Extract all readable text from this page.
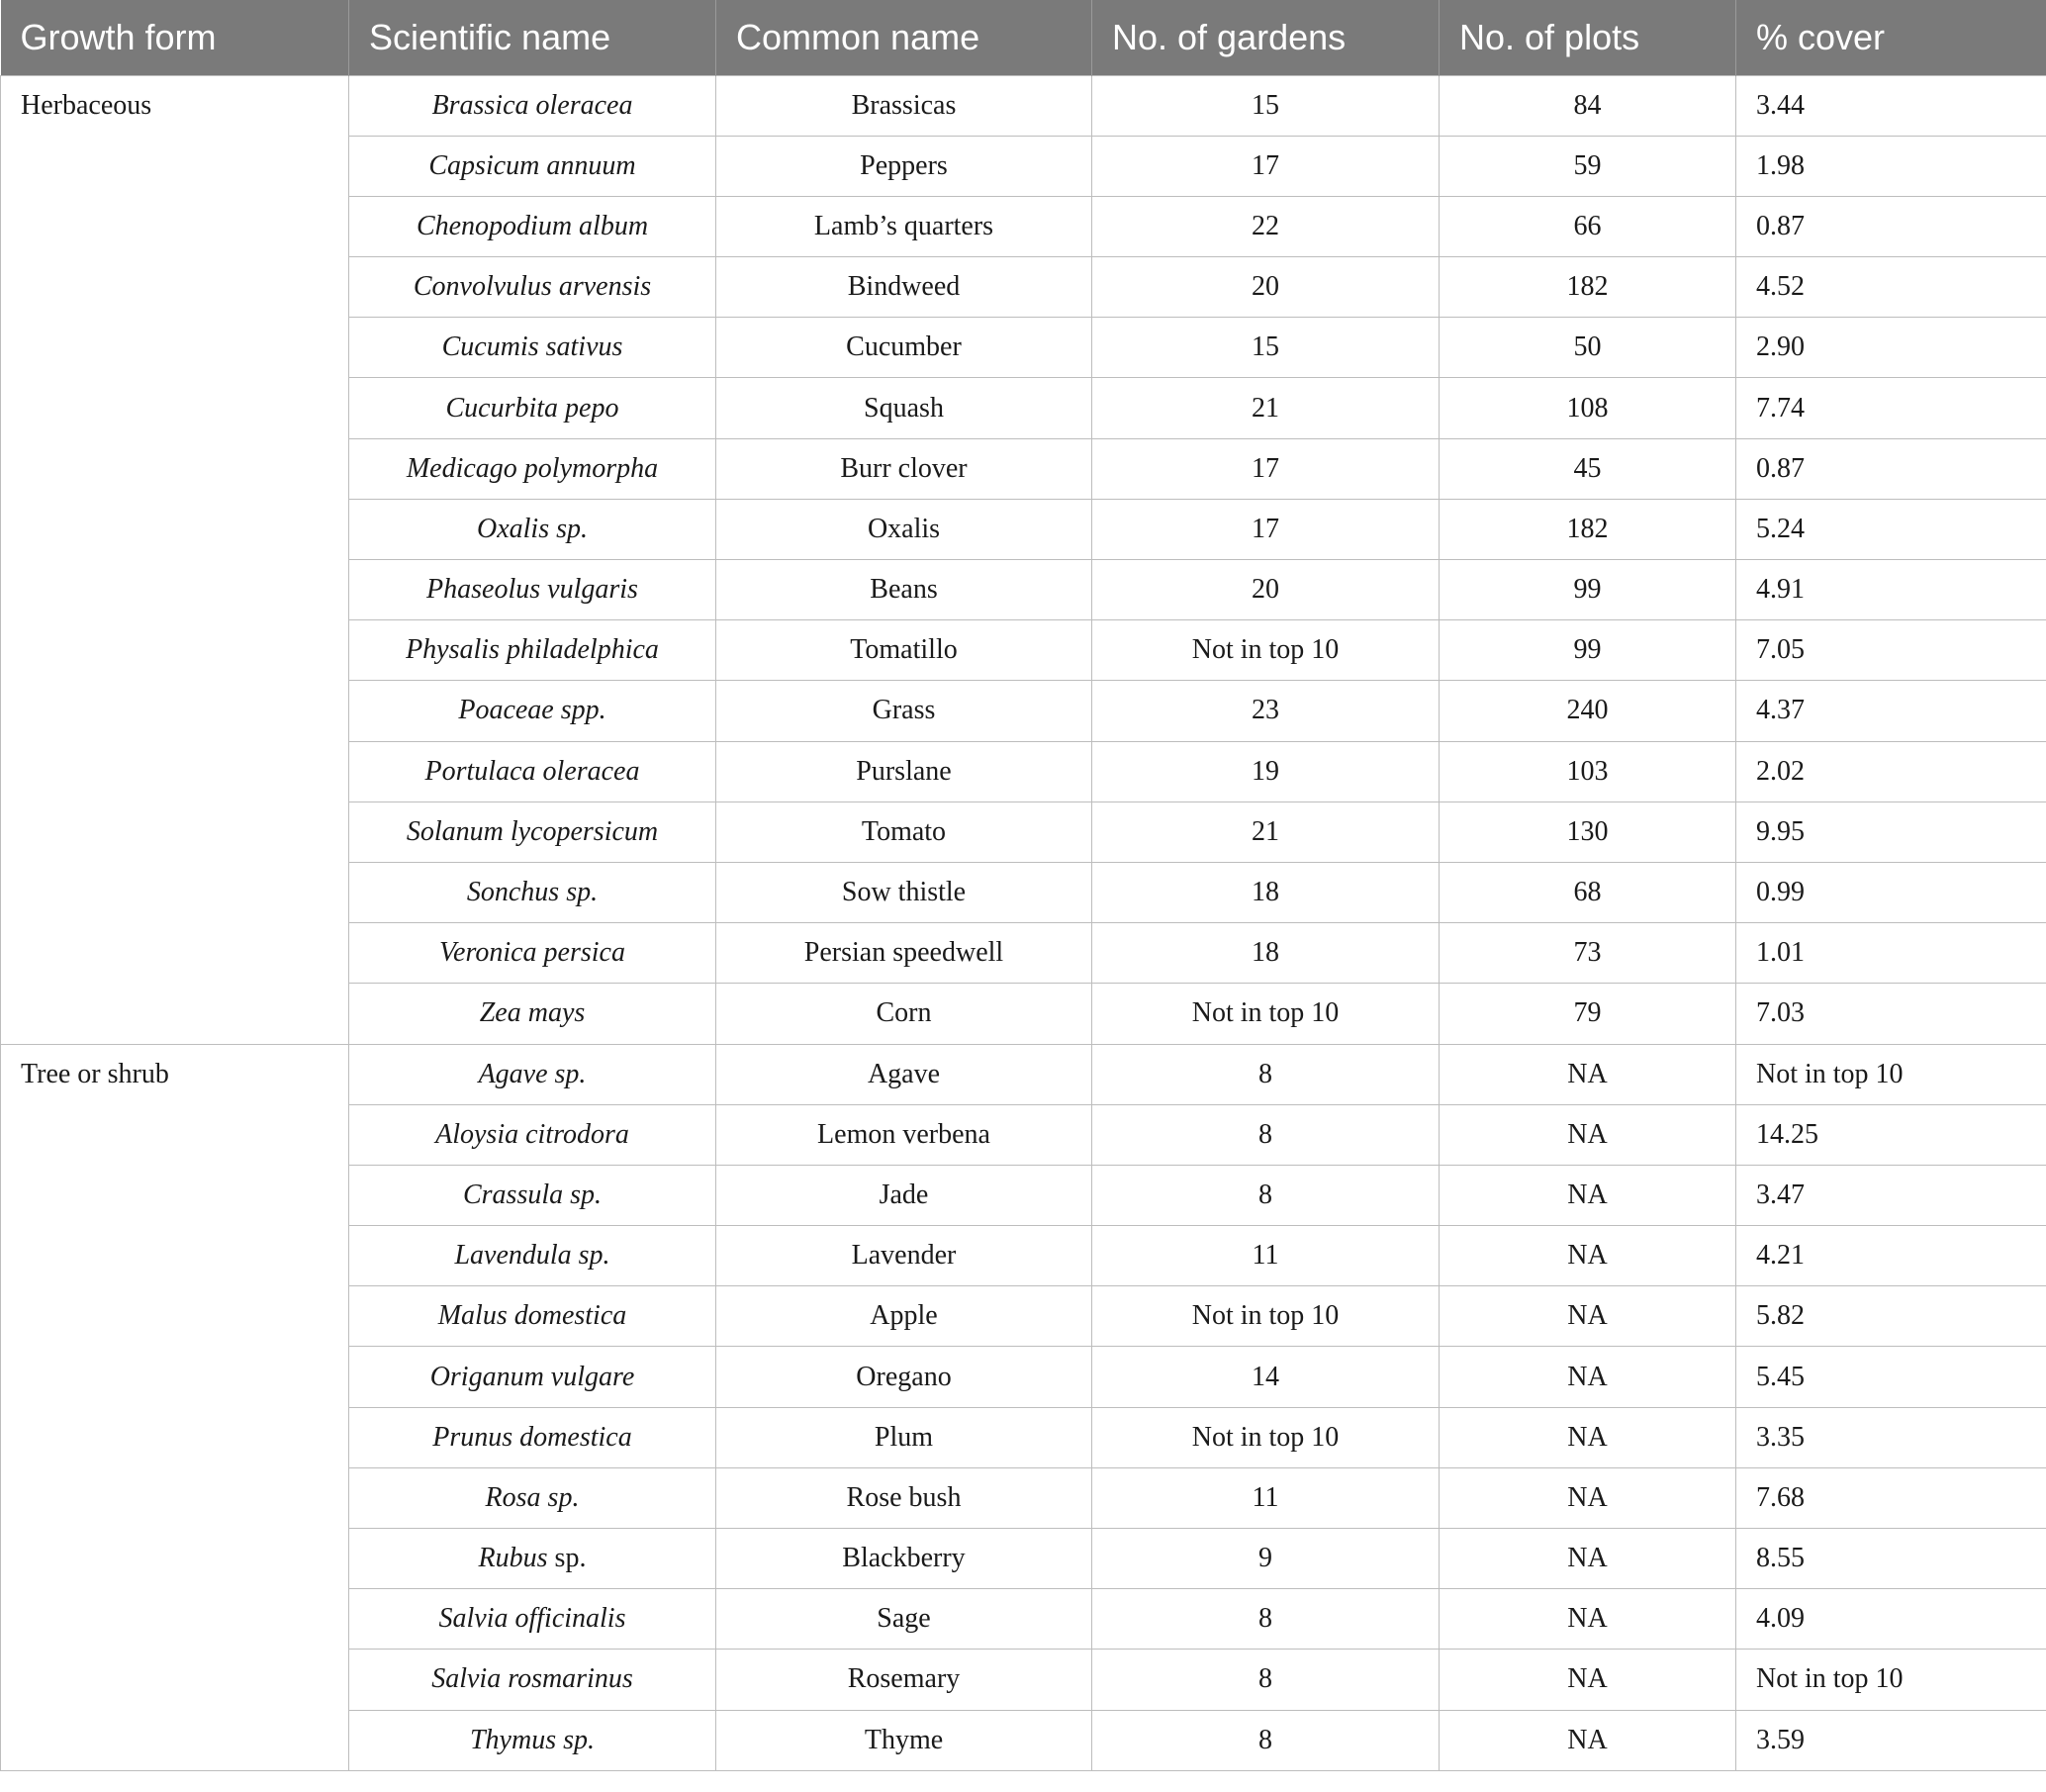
Growth form	Scientific name	Common name	No. of gardens	No. of plots	% cover
Herbaceous	Brassica oleracea	Brassicas	15	84	3.44
	Capsicum annuum	Peppers	17	59	1.98
	Chenopodium album	Lamb’s quarters	22	66	0.87
	Convolvulus arvensis	Bindweed	20	182	4.52
	Cucumis sativus	Cucumber	15	50	2.90
	Cucurbita pepo	Squash	21	108	7.74
	Medicago polymorpha	Burr clover	17	45	0.87
	Oxalis sp.	Oxalis	17	182	5.24
	Phaseolus vulgaris	Beans	20	99	4.91
	Physalis philadelphica	Tomatillo	Not in top 10	99	7.05
	Poaceae spp.	Grass	23	240	4.37
	Portulaca oleracea	Purslane	19	103	2.02
	Solanum lycopersicum	Tomato	21	130	9.95
	Sonchus sp.	Sow thistle	18	68	0.99
	Veronica persica	Persian speedwell	18	73	1.01
	Zea mays	Corn	Not in top 10	79	7.03
Tree or shrub	Agave sp.	Agave	8	NA	Not in top 10
	Aloysia citrodora	Lemon verbena	8	NA	14.25
	Crassula sp.	Jade	8	NA	3.47
	Lavendula sp.	Lavender	11	NA	4.21
	Malus domestica	Apple	Not in top 10	NA	5.82
	Origanum vulgare	Oregano	14	NA	5.45
	Prunus domestica	Plum	Not in top 10	NA	3.35
	Rosa sp.	Rose bush	11	NA	7.68
	Rubus sp.	Blackberry	9	NA	8.55
	Salvia officinalis	Sage	8	NA	4.09
	Salvia rosmarinus	Rosemary	8	NA	Not in top 10
	Thymus sp.	Thyme	8	NA	3.59
